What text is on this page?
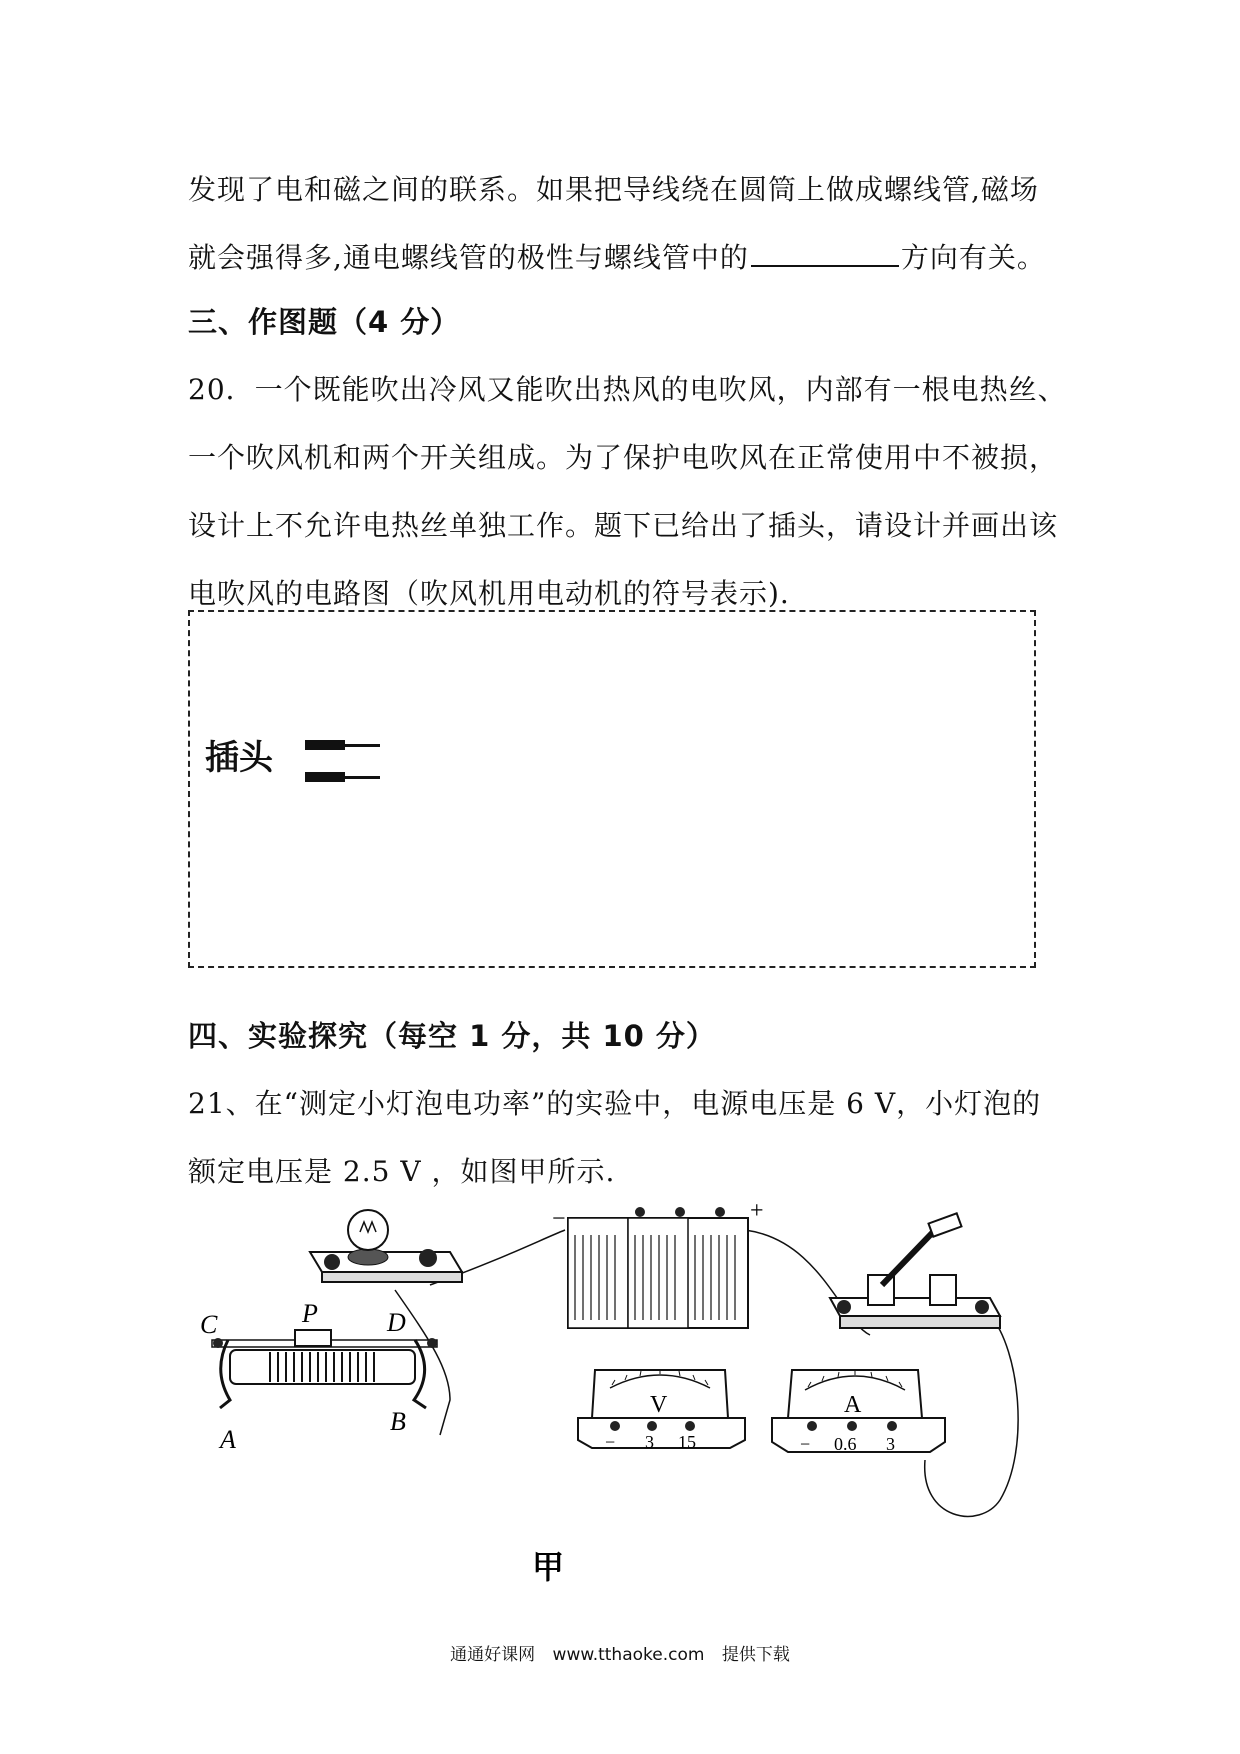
发现了电和磁之间的联系。如果把导线绕在圆筒上做成螺线管,磁场
就会强得多,通电螺线管的极性与螺线管中的	方向有关。
三、作图题（4 分）
20．一个既能吹出冷风又能吹出热风的电吹风，内部有一根电热丝、
一个吹风机和两个开关组成。为了保护电吹风在正常使用中不被损，
设计上不允许电热丝单独工作。题下已给出了插头，请设计并画出该
电吹风的电路图（吹风机用电动机的符号表示).
插头
四、实验探究（每空 1 分，共 10 分）
21、在“测定小灯泡电功率”的实验中，电源电压是 6 V，小灯泡的
额定电压是 2.5 V ，如图甲所示.
−	+
C	P	D
A
B
V
− 3 15
A
− 0.6 3
甲
通通好课网 www.tthaoke.com 提供下载
